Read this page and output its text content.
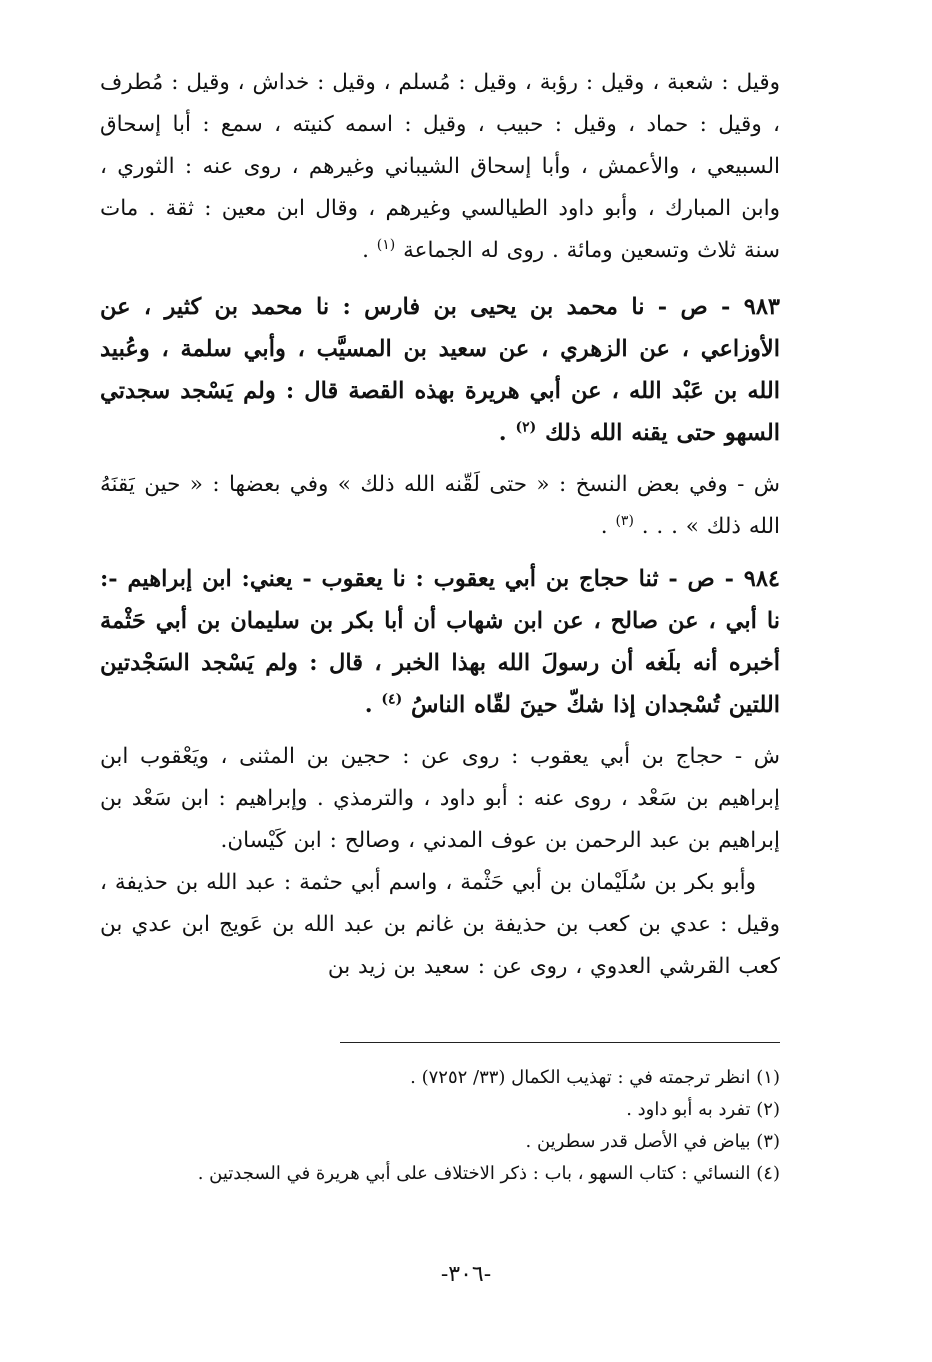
وقيل : شعبة ، وقيل : رؤبة ، وقيل : مُسلم ، وقيل : خداش ، وقيل : مُطرف ، وقيل : حماد ، وقيل : حبيب ، وقيل : اسمه كنيته ، سمع : أبا إسحاق السبيعي ، والأعمش ، وأبا إسحاق الشيباني وغيرهم ، روى عنه : الثوري ، وابن المبارك ، وأبو داود الطيالسي وغيرهم ، وقال ابن معين : ثقة . مات سنة ثلاث وتسعين ومائة . روى له الجماعة $^{(١)}$ .

٩٨٣ - ص - نا محمد بن يحيى بن فارس : نا محمد بن كثير ، عن الأوزاعي ، عن الزهري ، عن سعيد بن المسيَّب ، وأبي سلمة ، وعُبيد الله بن عَبْد الله ، عن أبي هريرة بهذه القصة قال : ولم يَسْجد سجدتي السهو حتى يقنه الله ذلك $^{(٢)}$ .

ش - وفي بعض النسخ : « حتى لَقّنه الله ذلك » وفي بعضها : « حين يَقنَهُ الله ذلك » . . . $^{(٣)}$ .

٩٨٤ - ص - ثنا حجاج بن أبي يعقوب : نا يعقوب - يعني: ابن إبراهيم -: نا أبي ، عن صالح ، عن ابن شهاب أن أبا بكر بن سليمان بن أبي حَثْمة أخبره أنه بلَغه أن رسولَ الله بهذا الخبر ، قال : ولم يَسْجد السَجْدتين اللتين تُسْجدان إذا شكّ حينَ لقّاه الناسُ $^{(٤)}$ .

ش - حجاج بن أبي يعقوب : روى عن : حجين بن المثنى ، ويَعْقوب ابن إبراهيم بن سَعْد ، روى عنه : أبو داود ، والترمذي . وإبراهيم : ابن سَعْد بن إبراهيم بن عبد الرحمن بن عوف المدني ، وصالح : ابن كَيْسان.

وأبو بكر بن سُلَيْمان بن أبي حَثْمة ، واسم أبي حثمة : عبد الله بن حذيفة ، وقيل : عدي بن كعب بن حذيفة بن غانم بن عبد الله بن عَويج ابن عدي بن كعب القرشي العدوي ، روى عن : سعيد بن زيد بن

(١) انظر ترجمته في : تهذيب الكمال (٣٣/ ٧٢٥٢) .

(٢) تفرد به أبو داود .

(٣) بياض في الأصل قدر سطرين .

(٤) النسائي : كتاب السهو ، باب : ذكر الاختلاف على أبي هريرة في السجدتين .

-٣٠٦-
